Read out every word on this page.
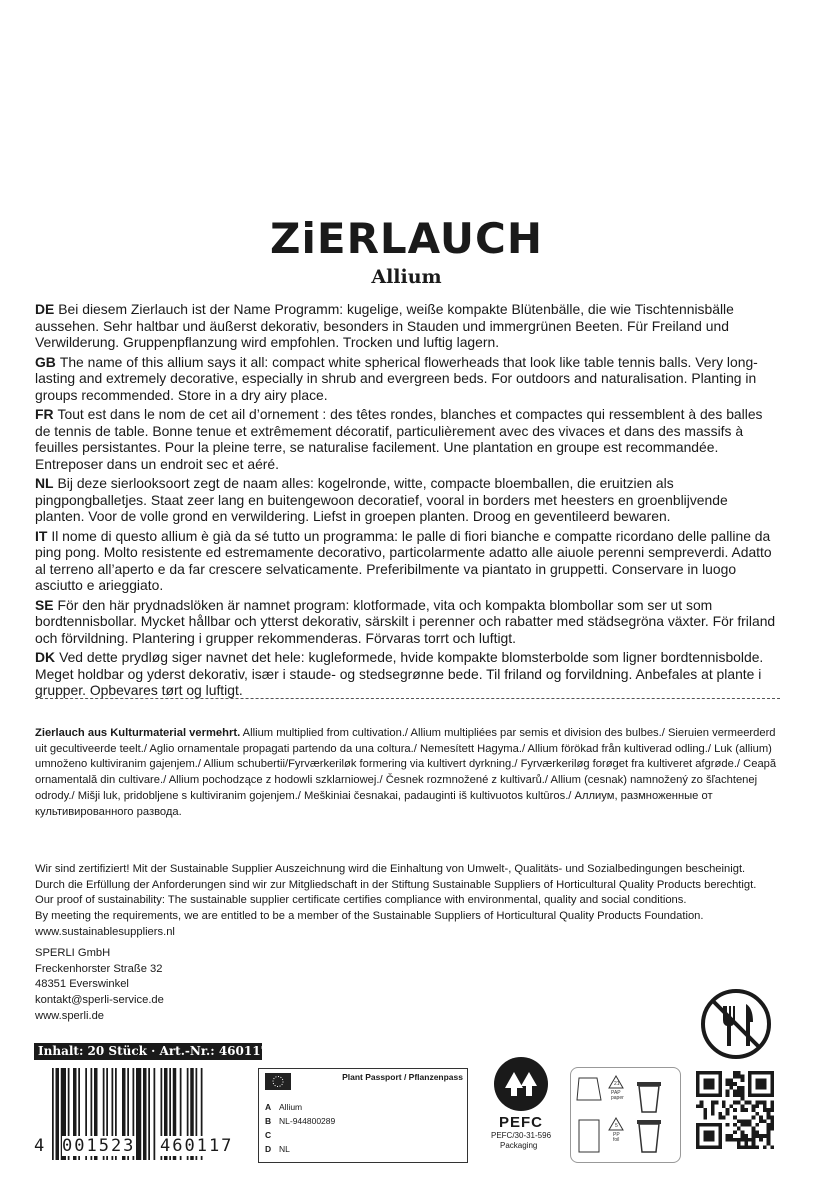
ZiERLAUCH
Allium

DE Bei diesem Zierlauch ist der Name Programm: kugelige, weiße kompakte Blütenbälle, die wie Tischtennisbälle aussehen. Sehr haltbar und äußerst dekorativ, besonders in Stauden und immergrünen Beeten. Für Freiland und Verwilderung. Gruppenpflanzung wird empfohlen. Trocken und luftig lagern.

GB The name of this allium says it all: compact white spherical flowerheads that look like table tennis balls. Very long-lasting and extremely decorative, especially in shrub and evergreen beds. For outdoors and naturalisation. Planting in groups recommended. Store in a dry airy place.

FR Tout est dans le nom de cet ail d’ornement : des têtes rondes, blanches et compactes qui ressemblent à des balles de tennis de table. Bonne tenue et extrêmement décoratif, particulièrement avec des vivaces et dans des massifs à feuilles persistantes. Pour la pleine terre, se naturalise facilement. Une plantation en groupe est recommandée. Entreposer dans un endroit sec et aéré.

NL Bij deze sierlooksoort zegt de naam alles: kogelronde, witte, compacte bloemballen, die eruitzien als pingpongballetjes. Staat zeer lang en buitengewoon decoratief, vooral in borders met heesters en groenblijvende planten. Voor de volle grond en verwildering. Liefst in groepen planten. Droog en geventileerd bewaren.

IT Il nome di questo allium è già da sé tutto un programma: le palle di fiori bianche e compatte ricordano delle palline da ping pong. Molto resistente ed estremamente decorativo, particolarmente adatto alle aiuole perenni sempreverdi. Adatto al terreno all’aperto e da far crescere selvaticamente. Preferibilmente va piantato in gruppetti. Conservare in luogo asciutto e arieggiato.

SE För den här prydnadslöken är namnet program: klotformade, vita och kompakta blombollar som ser ut som bordtennisbollar. Mycket hållbar och ytterst dekorativ, särskilt i perenner och rabatter med städsegröna växter. För friland och förvildning. Plantering i grupper rekommenderas. Förvaras torrt och luftigt.

DK Ved dette prydløg siger navnet det hele: kugleformede, hvide kompakte blomsterbolde som ligner bordtennisbolde. Meget holdbar og yderst dekorativ, især i staude- og stedsegrønne bede. Til friland og forvildning. Anbefales at plante i grupper. Opbevares tørt og luftigt.

Zierlauch aus Kulturmaterial vermehrt. Allium multiplied from cultivation./ Allium multipliées par semis et division des bulbes./ Sieruien vermeerderd uit gecultiveerde teelt./ Aglio ornamentale propagati partendo da una coltura./ Nemesített Hagyma./ Allium förökad från kultiverad odling./ Luk (allium) umnoženo kultiviranim gajenjem./ Allium schubertii/Fyrværkeriløk formering via kultivert dyrkning./ Fyrværkeriløg forøget fra kultiveret afgrøde./ Ceapă ornamentală din cultivare./ Allium pochodzące z hodowli szklarniowej./ Česnek rozmnožené z kultivarů./ Allium (cesnak) namnožený zo šľachtenej odrody./ Mišji luk, pridobljene s kultiviranim gojenjem./ Meškiniai česnakai, padauginti iš kultivuotos kultūros./ Аллиум, размноженные от культивированного развода.
Wir sind zertifiziert! Mit der Sustainable Supplier Auszeichnung wird die Einhaltung von Umwelt-, Qualitäts- und Sozialbedingungen bescheinigt.
Durch die Erfüllung der Anforderungen sind wir zur Mitgliedschaft in der Stiftung Sustainable Suppliers of Horticultural Quality Products berechtigt.
Our proof of sustainability: The sustainable supplier certificate certifies compliance with environmental, quality and social conditions.
By meeting the requirements, we are entitled to be a member of the Sustainable Suppliers of Horticultural Quality Products Foundation.
www.sustainablesuppliers.nl
SPERLI GmbH
Freckenhorster Straße 32
48351 Everswinkel
kontakt@sperli-service.de
www.sperli.de
Inhalt: 20 Stück · Art.-Nr.: 460117
4 001523 460117
Plant Passport / Pflanzenpass
A Allium
B NL-944800289
C
D NL
PEFC
PEFC/30-31-596
Packaging
21
PAP
paper
5
PP
foil
